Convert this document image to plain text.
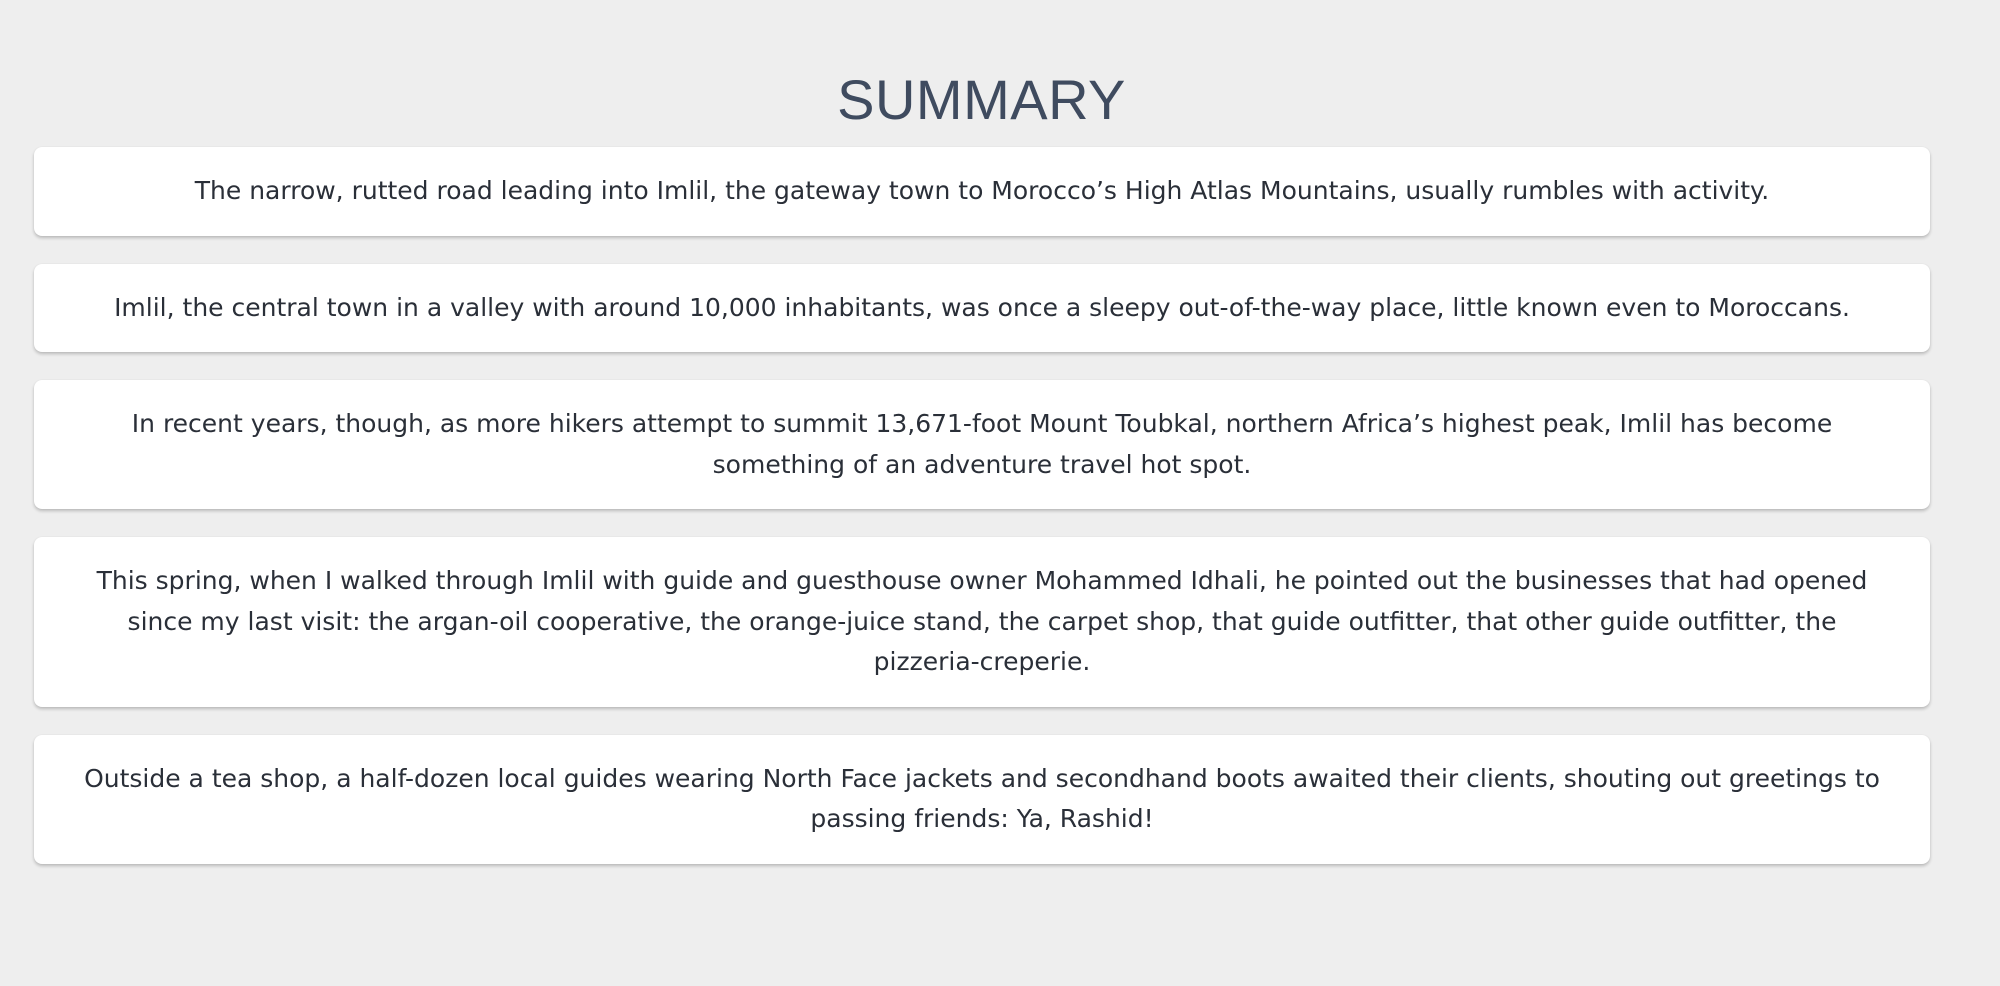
SUMMARY
The narrow, rutted road leading into Imlil, the gateway town to Morocco’s High Atlas Mountains, usually rumbles with activity.
Imlil, the central town in a valley with around 10,000 inhabitants, was once a sleepy out-of-the-way place, little known even to Moroccans.
In recent years, though, as more hikers attempt to summit 13,671-foot Mount Toubkal, northern Africa’s highest peak, Imlil has become something of an adventure travel hot spot.
This spring, when I walked through Imlil with guide and guesthouse owner Mohammed Idhali, he pointed out the businesses that had opened since my last visit: the argan-oil cooperative, the orange-juice stand, the carpet shop, that guide outfitter, that other guide outfitter, the pizzeria-creperie.
Outside a tea shop, a half-dozen local guides wearing North Face jackets and secondhand boots awaited their clients, shouting out greetings to passing friends: Ya, Rashid!
